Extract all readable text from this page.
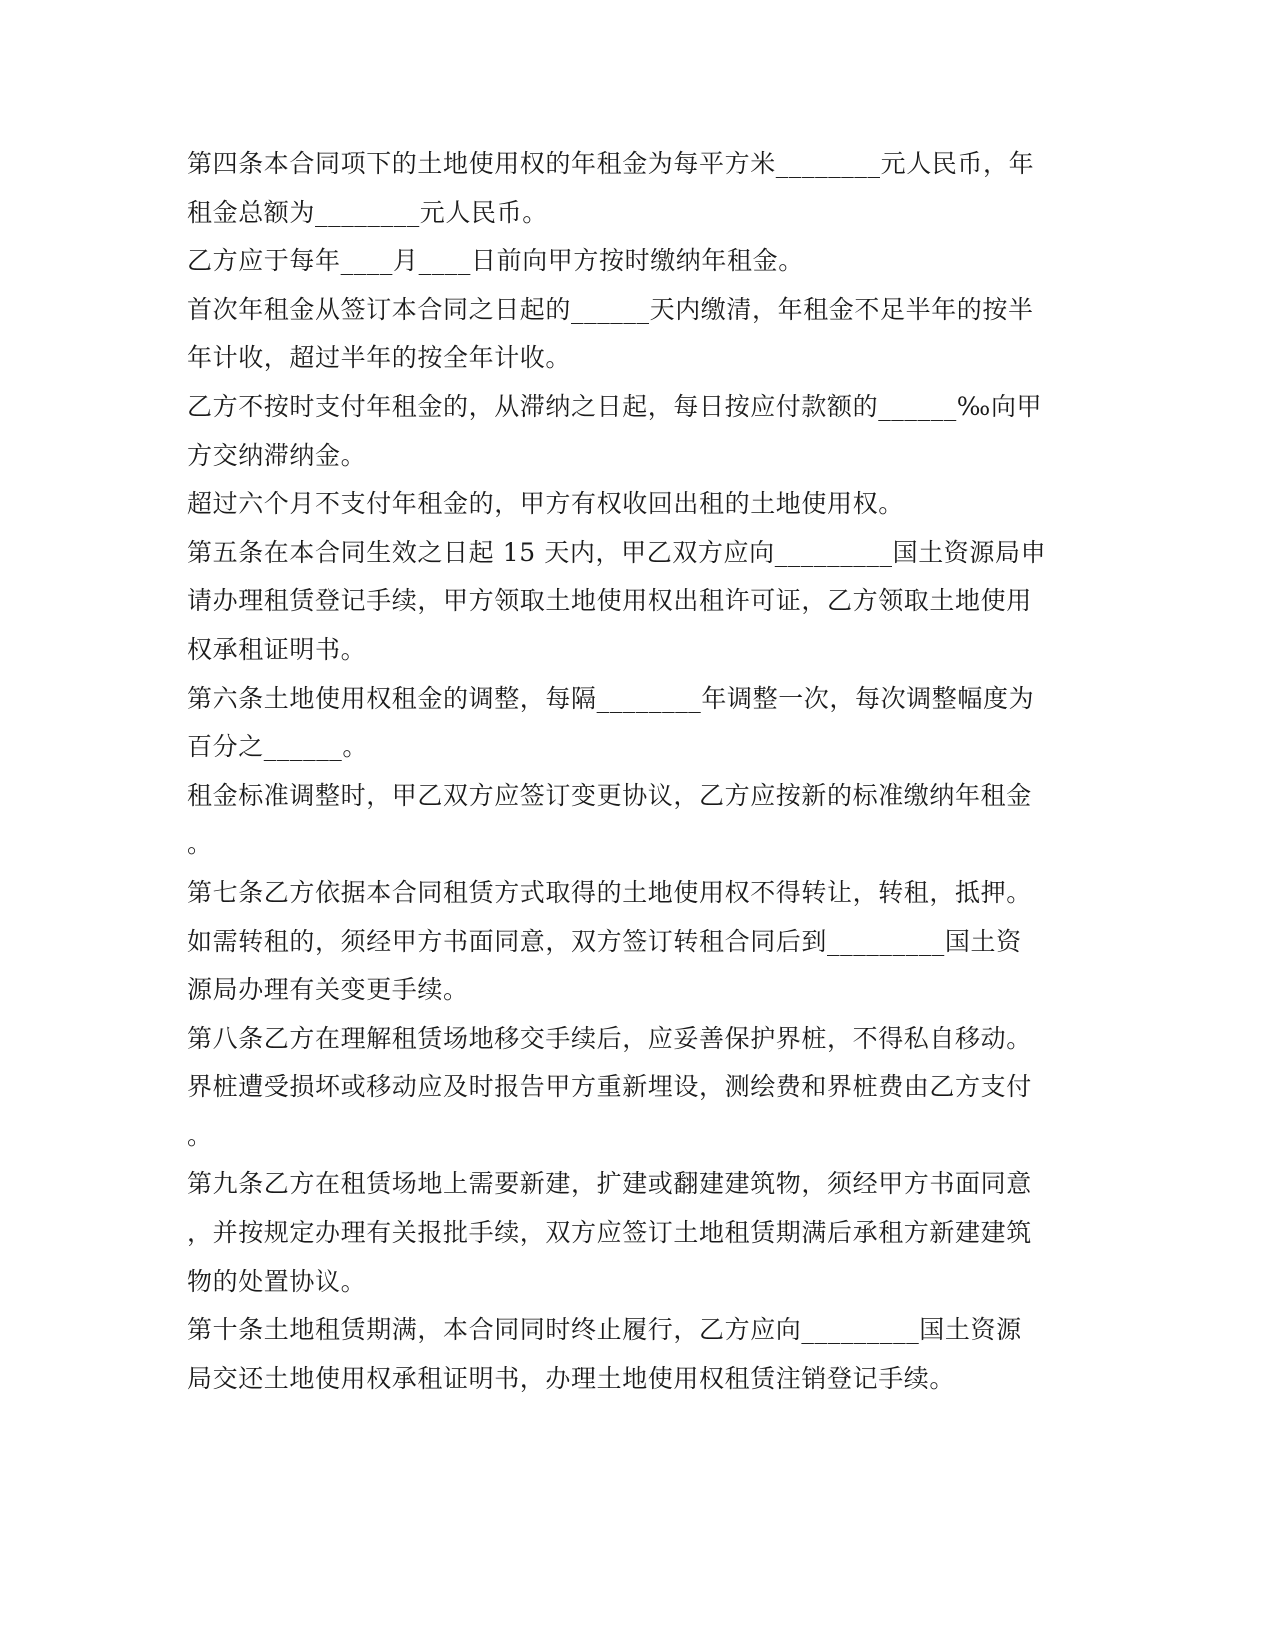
第四条本合同项下的土地使用权的年租金为每平方米________元人民币，年
租金总额为________元人民币。
乙方应于每年____月____日前向甲方按时缴纳年租金。
首次年租金从签订本合同之日起的______天内缴清，年租金不足半年的按半
年计收，超过半年的按全年计收。
乙方不按时支付年租金的，从滞纳之日起，每日按应付款额的______‰向甲
方交纳滞纳金。
超过六个月不支付年租金的，甲方有权收回出租的土地使用权。
第五条在本合同生效之日起 15 天内，甲乙双方应向_________国土资源局申
请办理租赁登记手续，甲方领取土地使用权出租许可证，乙方领取土地使用
权承租证明书。
第六条土地使用权租金的调整，每隔________年调整一次，每次调整幅度为
百分之______。
租金标准调整时，甲乙双方应签订变更协议，乙方应按新的标准缴纳年租金
。
第七条乙方依据本合同租赁方式取得的土地使用权不得转让，转租，抵押。
如需转租的，须经甲方书面同意，双方签订转租合同后到_________国土资
源局办理有关变更手续。
第八条乙方在理解租赁场地移交手续后，应妥善保护界桩，不得私自移动。
界桩遭受损坏或移动应及时报告甲方重新埋设，测绘费和界桩费由乙方支付
。
第九条乙方在租赁场地上需要新建，扩建或翻建建筑物，须经甲方书面同意
，并按规定办理有关报批手续，双方应签订土地租赁期满后承租方新建建筑
物的处置协议。
第十条土地租赁期满，本合同同时终止履行，乙方应向_________国土资源
局交还土地使用权承租证明书，办理土地使用权租赁注销登记手续。
